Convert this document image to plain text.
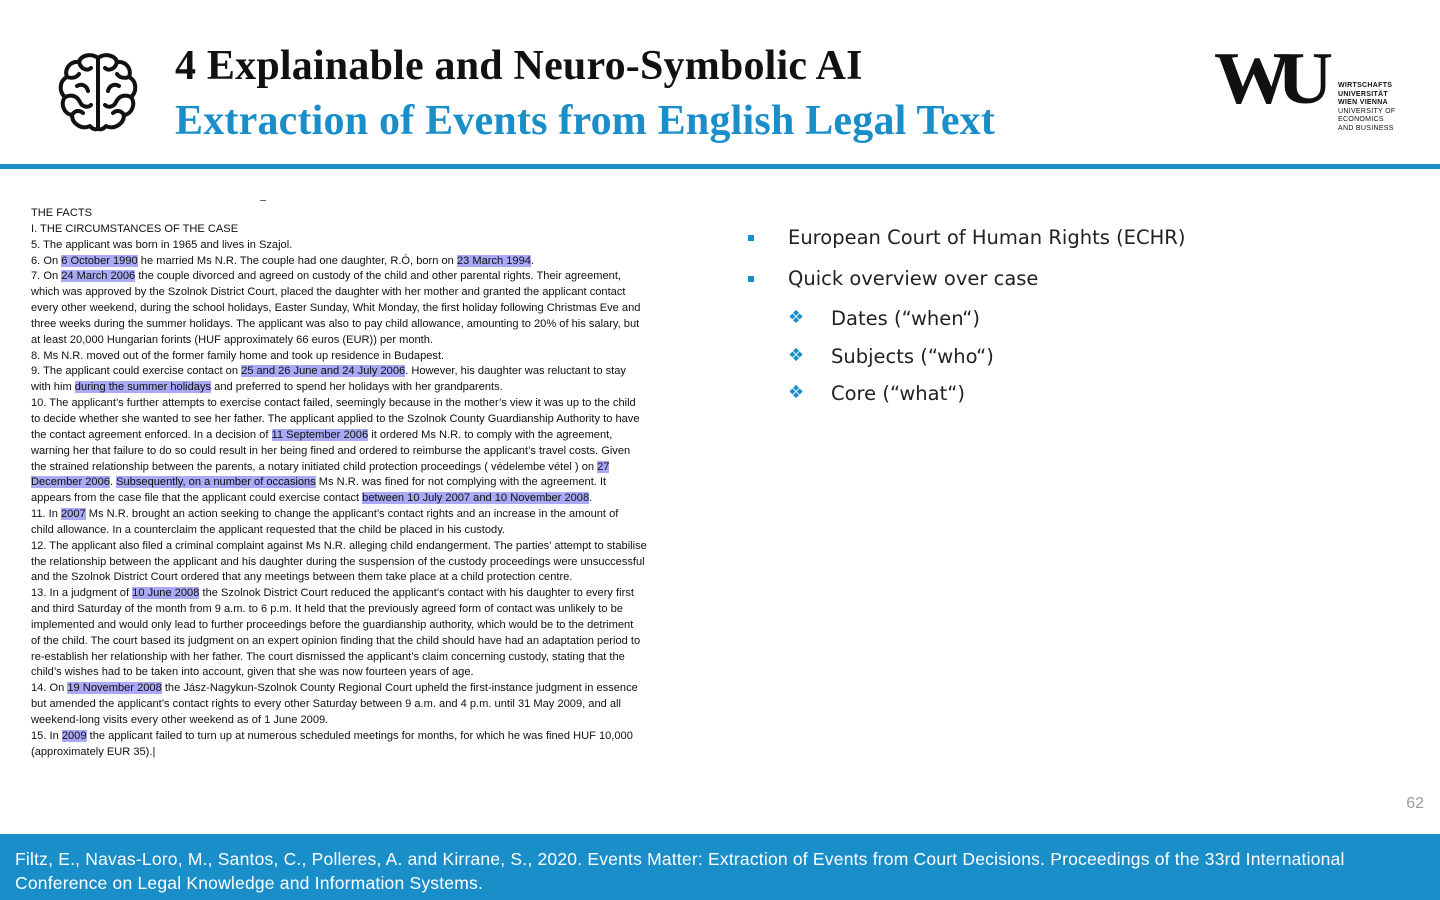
4 Explainable and Neuro-Symbolic AI
Extraction of Events from English Legal Text
WU	WIRTSCHAFTS
UNIVERSITÄT
WIEN VIENNA
UNIVERSITY OF
ECONOMICS
AND BUSINESS

THE FACTS

I. THE CIRCUMSTANCES OF THE CASE

5. The applicant was born in 1965 and lives in Szajol.

6. On 6 October 1990 he married Ms N.R. The couple had one daughter, R.Ó, born on 23 March 1994.

7. On 24 March 2006 the couple divorced and agreed on custody of the child and other parental rights. Their agreement,

which was approved by the Szolnok District Court, placed the daughter with her mother and granted the applicant contact

every other weekend, during the school holidays, Easter Sunday, Whit Monday, the first holiday following Christmas Eve and

three weeks during the summer holidays. The applicant was also to pay child allowance, amounting to 20% of his salary, but

at least 20,000 Hungarian forints (HUF approximately 66 euros (EUR)) per month.

8. Ms N.R. moved out of the former family home and took up residence in Budapest.

9. The applicant could exercise contact on 25 and 26 June and 24 July 2006. However, his daughter was reluctant to stay

with him during the summer holidays and preferred to spend her holidays with her grandparents.

10. The applicant’s further attempts to exercise contact failed, seemingly because in the mother’s view it was up to the child

to decide whether she wanted to see her father. The applicant applied to the Szolnok County Guardianship Authority to have

the contact agreement enforced. In a decision of 11 September 2006 it ordered Ms N.R. to comply with the agreement,

warning her that failure to do so could result in her being fined and ordered to reimburse the applicant’s travel costs. Given

the strained relationship between the parents, a notary initiated child protection proceedings ( védelembe vétel ) on 27

December 2006. Subsequently, on a number of occasions Ms N.R. was fined for not complying with the agreement. It

appears from the case file that the applicant could exercise contact between 10 July 2007 and 10 November 2008.

11. In 2007 Ms N.R. brought an action seeking to change the applicant’s contact rights and an increase in the amount of

child allowance. In a counterclaim the applicant requested that the child be placed in his custody.

12. The applicant also filed a criminal complaint against Ms N.R. alleging child endangerment. The parties’ attempt to stabilise

the relationship between the applicant and his daughter during the suspension of the custody proceedings were unsuccessful

and the Szolnok District Court ordered that any meetings between them take place at a child protection centre.

13. In a judgment of 10 June 2008 the Szolnok District Court reduced the applicant’s contact with his daughter to every first

and third Saturday of the month from 9 a.m. to 6 p.m. It held that the previously agreed form of contact was unlikely to be

implemented and would only lead to further proceedings before the guardianship authority, which would be to the detriment

of the child. The court based its judgment on an expert opinion finding that the child should have had an adaptation period to

re-establish her relationship with her father. The court dismissed the applicant’s claim concerning custody, stating that the

child’s wishes had to be taken into account, given that she was now fourteen years of age.

14. On 19 November 2008 the Jász-Nagykun-Szolnok County Regional Court upheld the first-instance judgment in essence

but amended the applicant’s contact rights to every other Saturday between 9 a.m. and 4 p.m. until 31 May 2009, and all

weekend-long visits every other weekend as of 1 June 2009.

15. In 2009 the applicant failed to turn up at numerous scheduled meetings for months, for which he was fined HUF 10,000

(approximately EUR 35).|

European Court of Human Rights (ECHR)
Quick overview over case
❖ Dates (“when“)
❖ Subjects (“who“)
❖ Core (“what“)
62
Filtz, E., Navas-Loro, M., Santos, C., Polleres, A. and Kirrane, S., 2020. Events Matter: Extraction of Events from Court Decisions. Proceedings of the 33rd International Conference on Legal Knowledge and Information Systems.
